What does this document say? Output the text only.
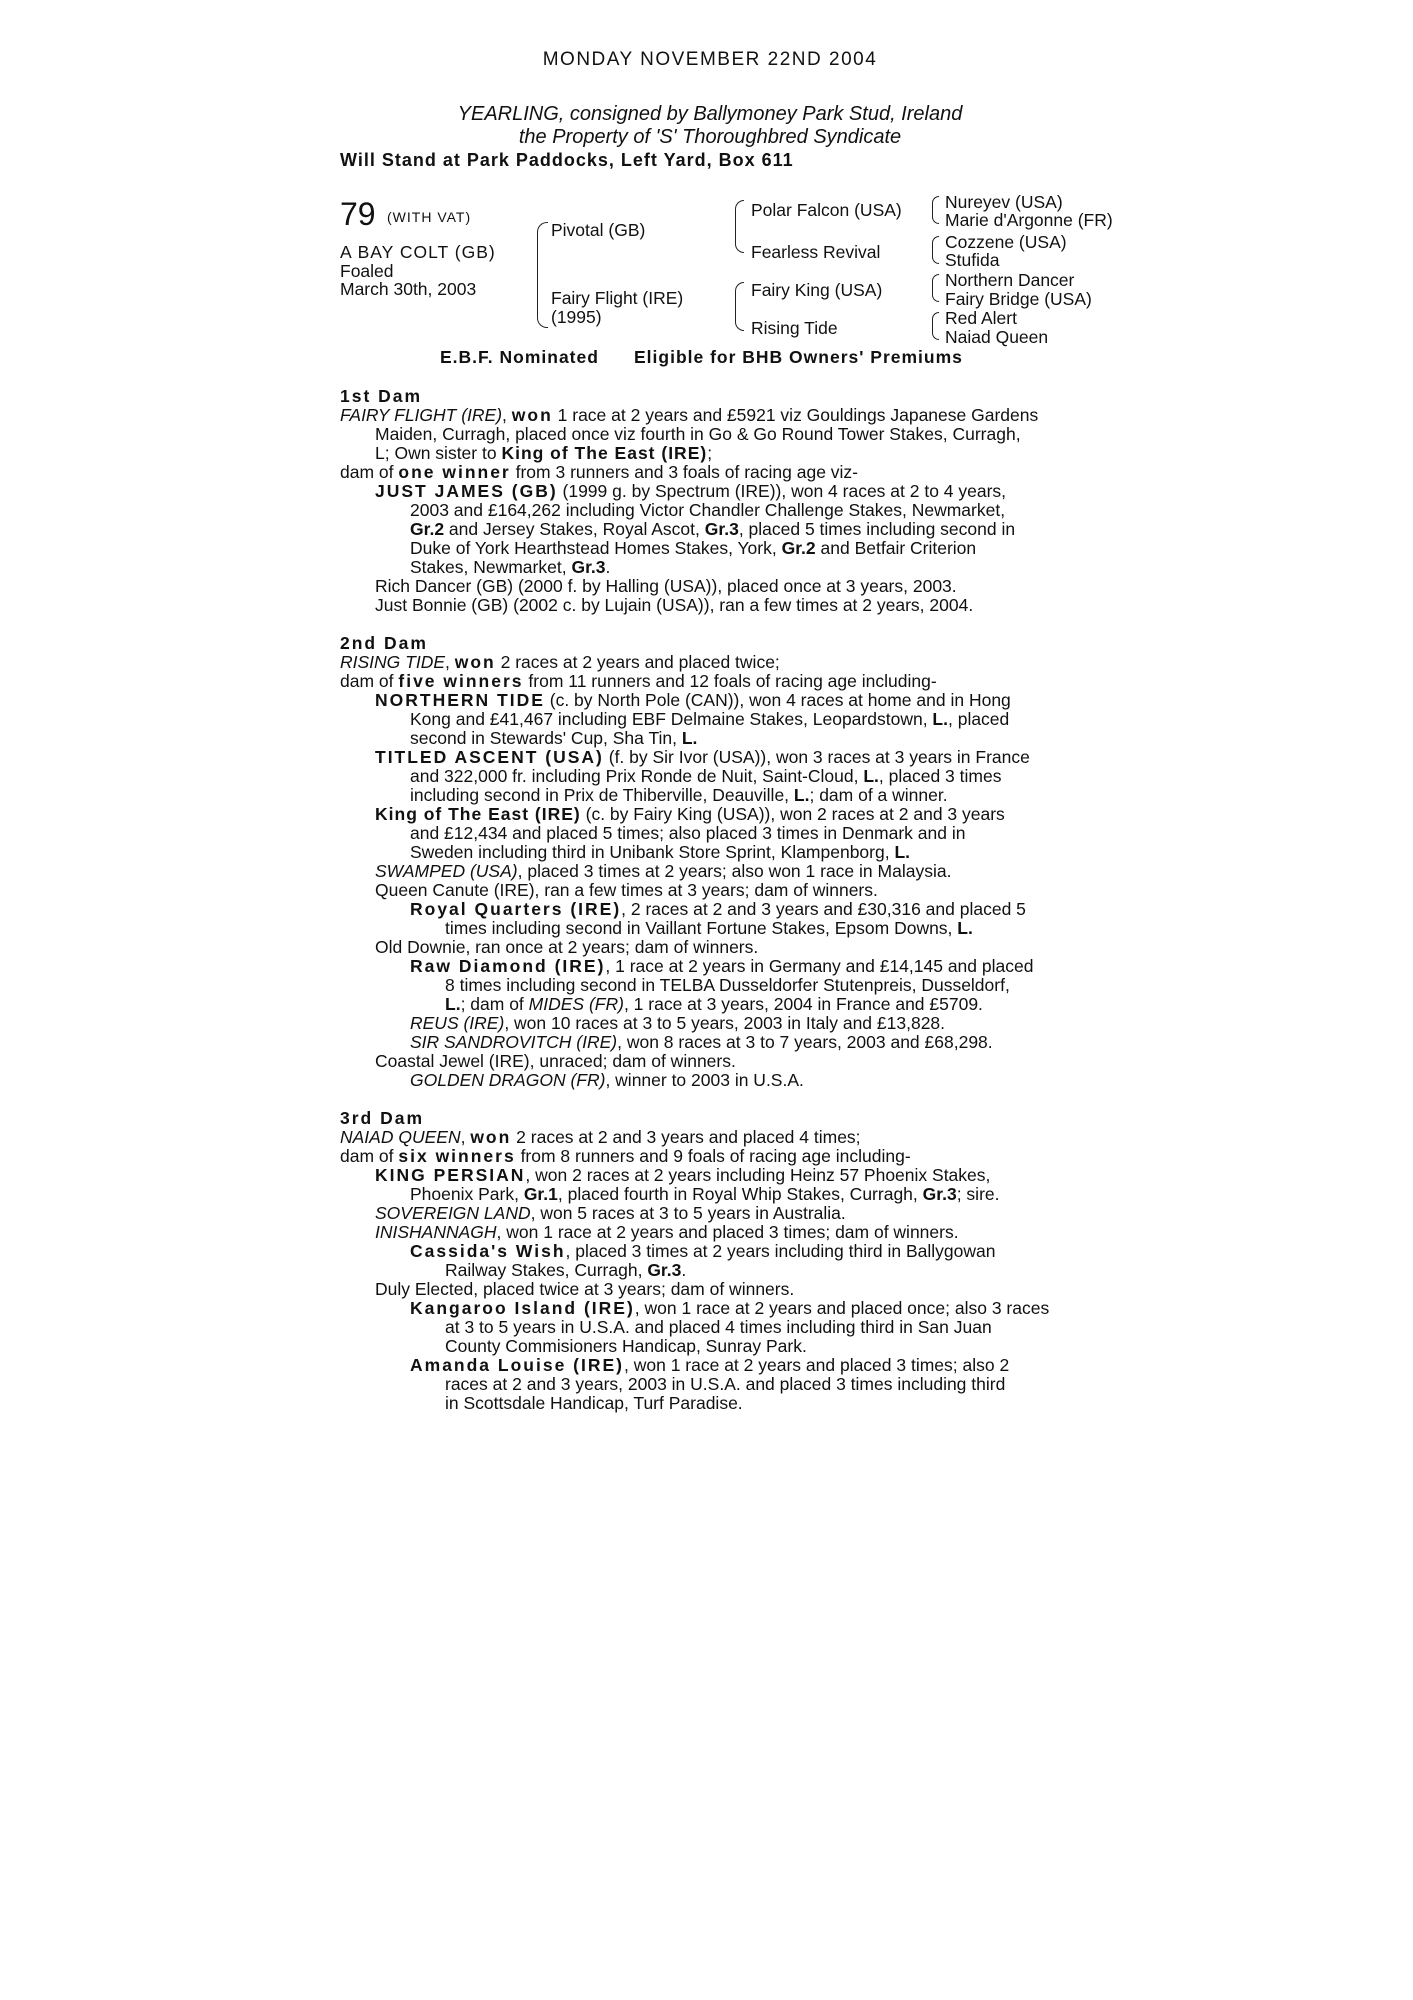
MONDAY NOVEMBER 22ND 2004
YEARLING, consigned by Ballymoney Park Stud, Ireland
the Property of 'S' Thoroughbred Syndicate
Will Stand at Park Paddocks, Left Yard, Box 611
79 (WITH VAT)
A BAY COLT (GB)
Foaled
March 30th, 2003
Pivotal (GB)
Fairy Flight (IRE)
(1995)
Polar Falcon (USA)
Fearless Revival
Fairy King (USA)
Rising Tide
Nureyev (USA)
Marie d'Argonne (FR)
Cozzene (USA)
Stufida
Northern Dancer
Fairy Bridge (USA)
Red Alert
Naiad Queen
E.B.F. Nominated Eligible for BHB Owners' Premiums
1st Dam
FAIRY FLIGHT (IRE), won 1 race at 2 years and £5921 viz Gouldings Japanese Gardens
Maiden, Curragh, placed once viz fourth in Go & Go Round Tower Stakes, Curragh,
L; Own sister to King of The East (IRE);
dam of one winner from 3 runners and 3 foals of racing age viz-
JUST JAMES (GB) (1999 g. by Spectrum (IRE)), won 4 races at 2 to 4 years,
2003 and £164,262 including Victor Chandler Challenge Stakes, Newmarket,
Gr.2 and Jersey Stakes, Royal Ascot, Gr.3, placed 5 times including second in
Duke of York Hearthstead Homes Stakes, York, Gr.2 and Betfair Criterion
Stakes, Newmarket, Gr.3.
Rich Dancer (GB) (2000 f. by Halling (USA)), placed once at 3 years, 2003.
Just Bonnie (GB) (2002 c. by Lujain (USA)), ran a few times at 2 years, 2004.
2nd Dam
RISING TIDE, won 2 races at 2 years and placed twice;
dam of five winners from 11 runners and 12 foals of racing age including-
NORTHERN TIDE (c. by North Pole (CAN)), won 4 races at home and in Hong
Kong and £41,467 including EBF Delmaine Stakes, Leopardstown, L., placed
second in Stewards' Cup, Sha Tin, L.
TITLED ASCENT (USA) (f. by Sir Ivor (USA)), won 3 races at 3 years in France
and 322,000 fr. including Prix Ronde de Nuit, Saint-Cloud, L., placed 3 times
including second in Prix de Thiberville, Deauville, L.; dam of a winner.
King of The East (IRE) (c. by Fairy King (USA)), won 2 races at 2 and 3 years
and £12,434 and placed 5 times; also placed 3 times in Denmark and in
Sweden including third in Unibank Store Sprint, Klampenborg, L.
SWAMPED (USA), placed 3 times at 2 years; also won 1 race in Malaysia.
Queen Canute (IRE), ran a few times at 3 years; dam of winners.
Royal Quarters (IRE), 2 races at 2 and 3 years and £30,316 and placed 5
times including second in Vaillant Fortune Stakes, Epsom Downs, L.
Old Downie, ran once at 2 years; dam of winners.
Raw Diamond (IRE), 1 race at 2 years in Germany and £14,145 and placed
8 times including second in TELBA Dusseldorfer Stutenpreis, Dusseldorf,
L.; dam of MIDES (FR), 1 race at 3 years, 2004 in France and £5709.
REUS (IRE), won 10 races at 3 to 5 years, 2003 in Italy and £13,828.
SIR SANDROVITCH (IRE), won 8 races at 3 to 7 years, 2003 and £68,298.
Coastal Jewel (IRE), unraced; dam of winners.
GOLDEN DRAGON (FR), winner to 2003 in U.S.A.
3rd Dam
NAIAD QUEEN, won 2 races at 2 and 3 years and placed 4 times;
dam of six winners from 8 runners and 9 foals of racing age including-
KING PERSIAN, won 2 races at 2 years including Heinz 57 Phoenix Stakes,
Phoenix Park, Gr.1, placed fourth in Royal Whip Stakes, Curragh, Gr.3; sire.
SOVEREIGN LAND, won 5 races at 3 to 5 years in Australia.
INISHANNAGH, won 1 race at 2 years and placed 3 times; dam of winners.
Cassida's Wish, placed 3 times at 2 years including third in Ballygowan
Railway Stakes, Curragh, Gr.3.
Duly Elected, placed twice at 3 years; dam of winners.
Kangaroo Island (IRE), won 1 race at 2 years and placed once; also 3 races
at 3 to 5 years in U.S.A. and placed 4 times including third in San Juan
County Commisioners Handicap, Sunray Park.
Amanda Louise (IRE), won 1 race at 2 years and placed 3 times; also 2
races at 2 and 3 years, 2003 in U.S.A. and placed 3 times including third
in Scottsdale Handicap, Turf Paradise.
